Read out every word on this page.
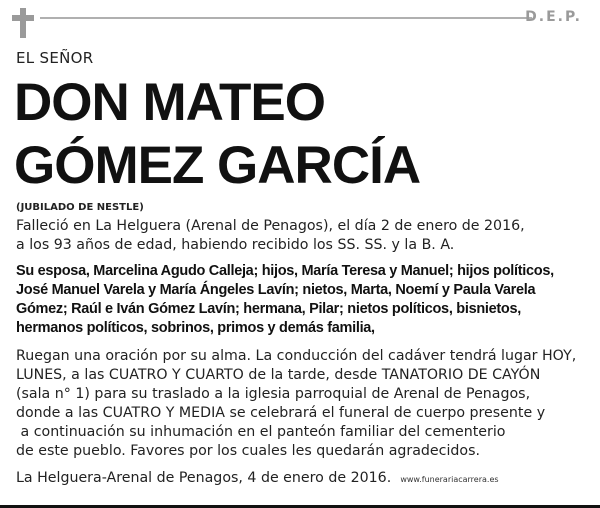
D.E.P.
EL SEÑOR
DON MATEO
GÓMEZ GARCÍA
(JUBILADO DE NESTLE)
Falleció en La Helguera (Arenal de Penagos), el día 2 de enero de 2016,
a los 93 años de edad, habiendo recibido los SS. SS. y la B. A.
Su esposa, Marcelina Agudo Calleja; hijos, María Teresa y Manuel; hijos políticos,
José Manuel Varela y María Ángeles Lavín; nietos, Marta, Noemí y Paula Varela
Gómez; Raúl e Iván Gómez Lavín; hermana, Pilar; nietos políticos, bisnietos,
hermanos políticos, sobrinos, primos y demás familia,
Ruegan una oración por su alma. La conducción del cadáver tendrá lugar HOY,
LUNES, a las CUATRO Y CUARTO de la tarde, desde TANATORIO DE CAYÓN
(sala n° 1) para su traslado a la iglesia parroquial de Arenal de Penagos,
donde a las CUATRO Y MEDIA se celebrará el funeral de cuerpo presente y
a continuación su inhumación en el panteón familiar del cementerio
de este pueblo. Favores por los cuales les quedarán agradecidos.
La Helguera-Arenal de Penagos, 4 de enero de 2016. www.funerariacarrera.es
